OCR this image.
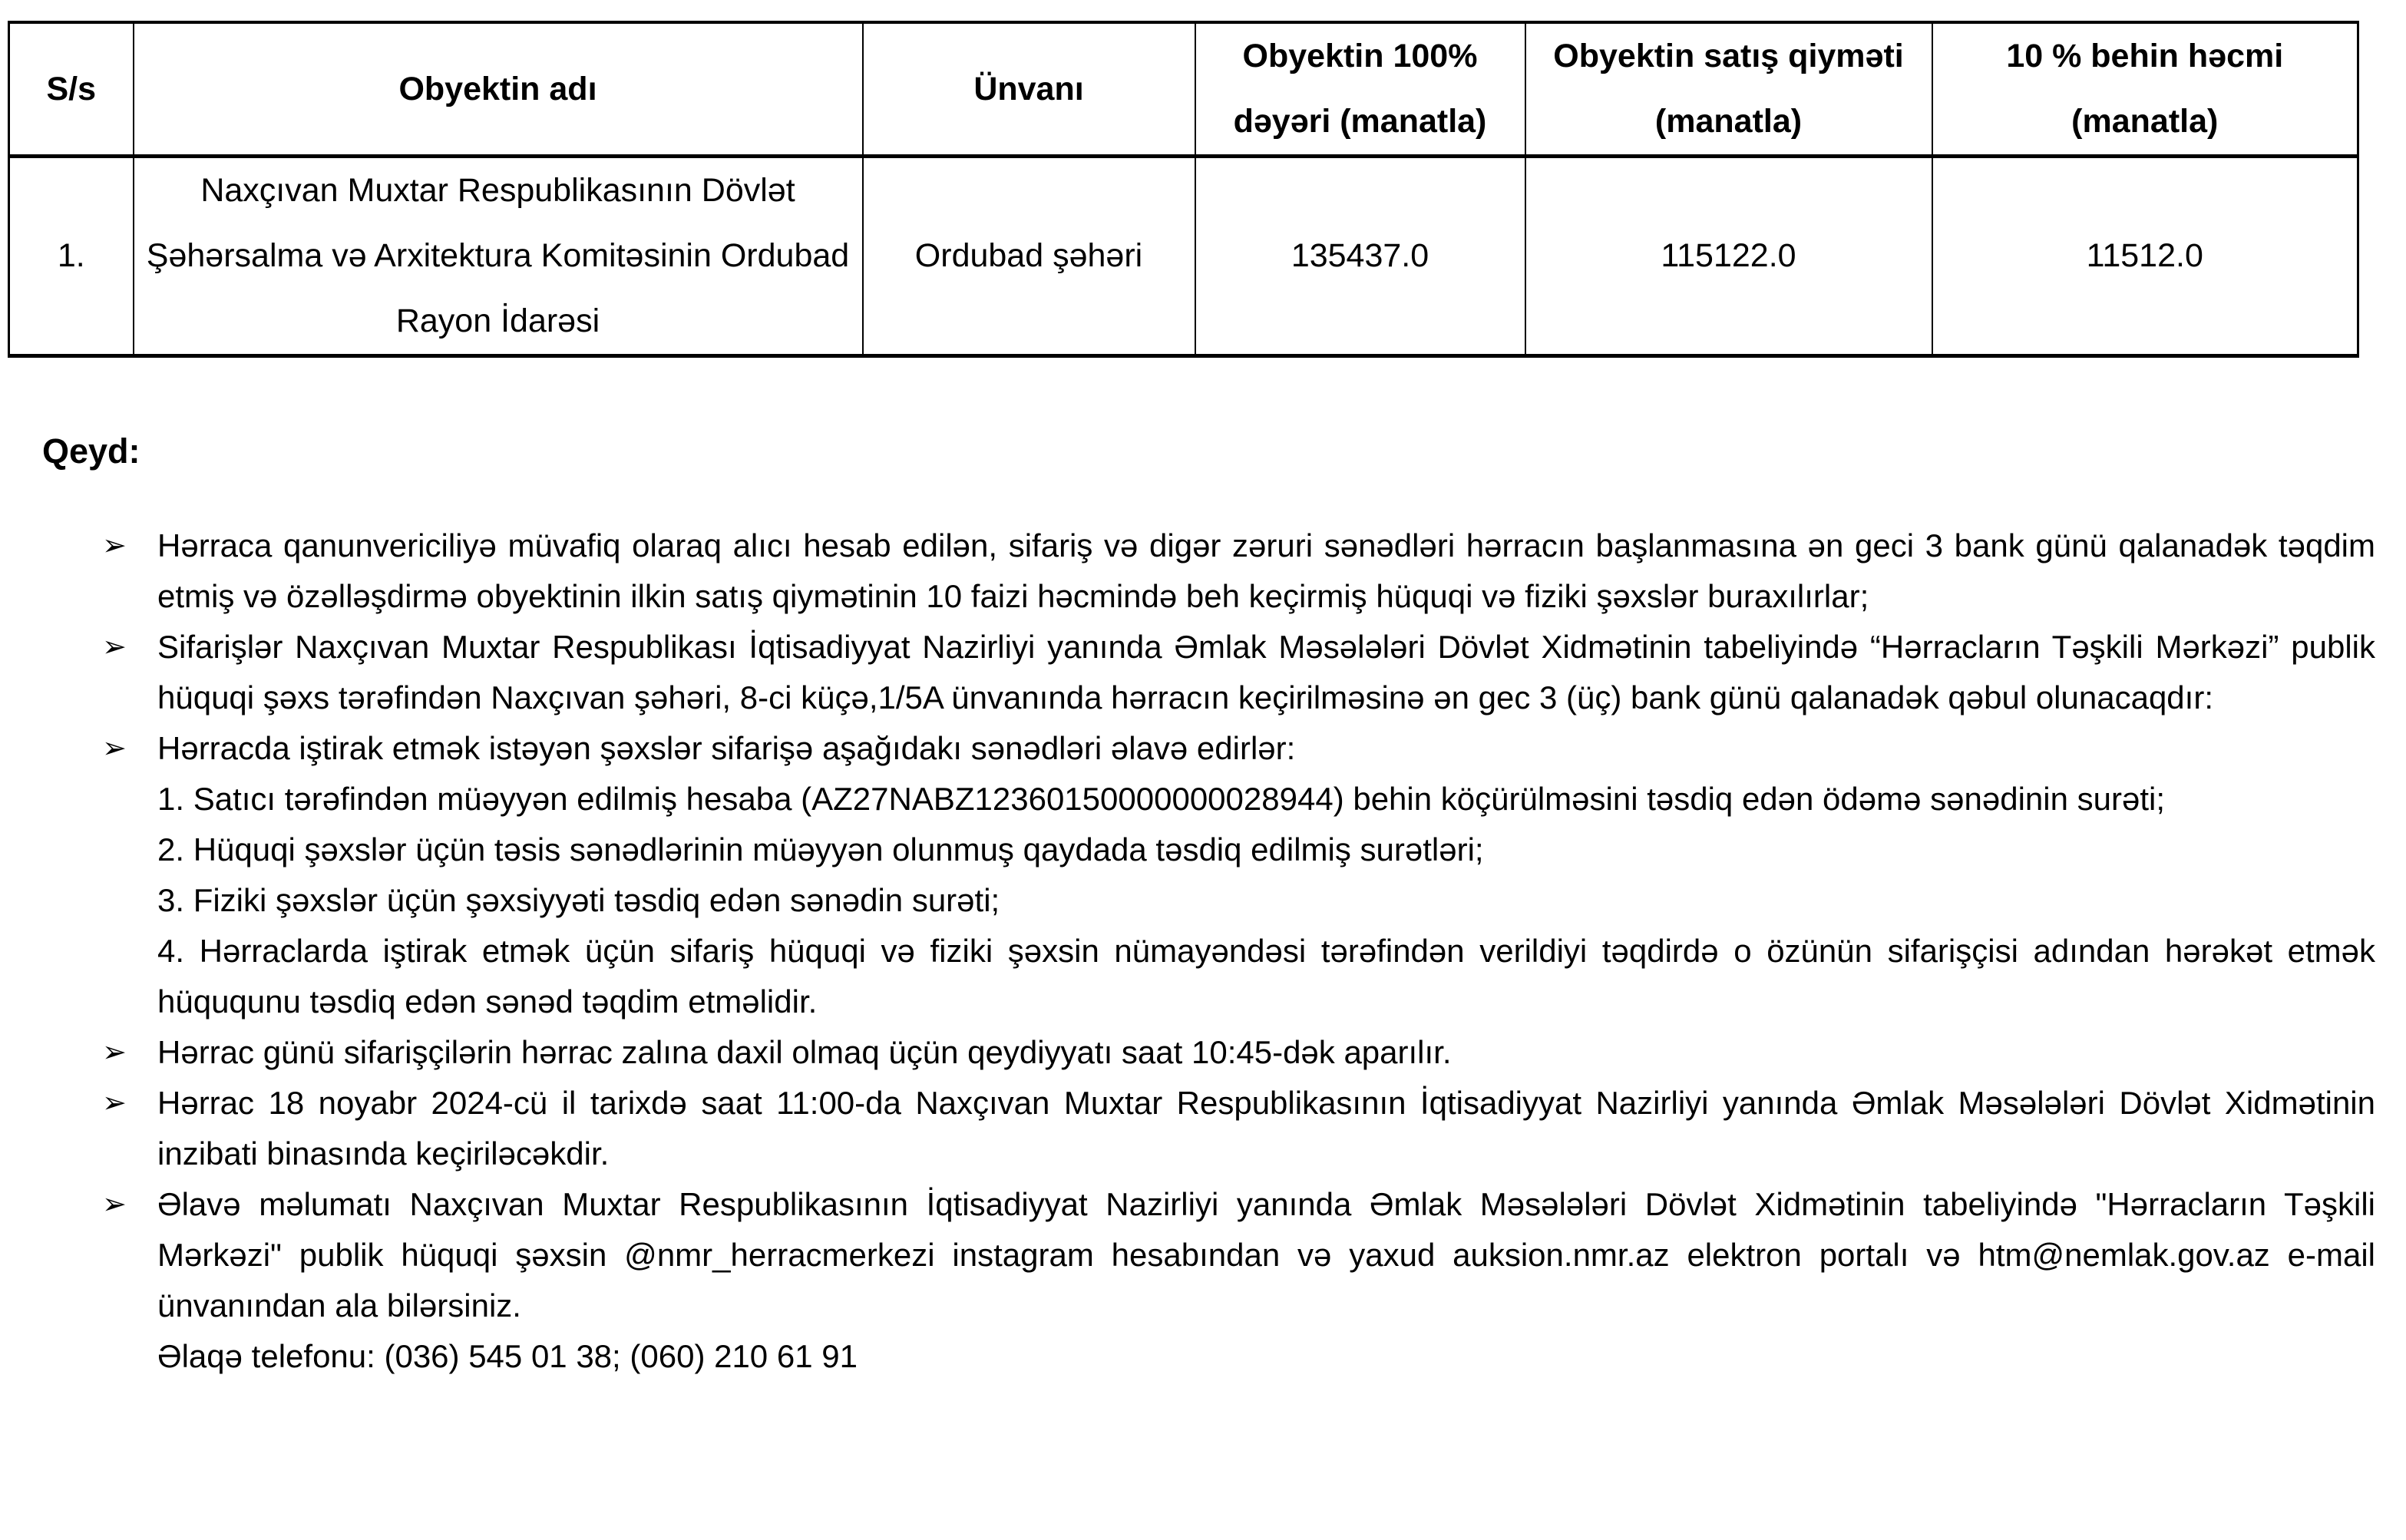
S/s	Obyektin adı	Ünvanı	Obyektin 100% dəyəri (manatla)	Obyektin satış qiyməti (manatla)	10 % behin həcmi (manatla)
1.	Naxçıvan Muxtar Respublikasının Dövlət Şəhərsalma və Arxitektura Komitəsinin Ordubad Rayon İdarəsi	Ordubad şəhəri	135437.0	115122.0	11512.0
Qeyd:
➢ Hərraca qanunvericiliyə müvafiq olaraq alıcı hesab edilən, sifariş və digər zəruri sənədləri hərracın başlanmasına ən geci 3 bank günü qalanadək təqdim etmiş və özəlləşdirmə obyektinin ilkin satış qiymətinin 10 faizi həcmində beh keçirmiş hüquqi və fiziki şəxslər buraxılırlar;
➢ Sifarişlər Naxçıvan Muxtar Respublikası İqtisadiyyat Nazirliyi yanında Əmlak Məsələləri Dövlət Xidmətinin tabeliyində “Hərracların Təşkili Mərkəzi” publik hüquqi şəxs tərəfindən Naxçıvan şəhəri, 8-ci küçə,1/5A ünvanında hərracın keçirilməsinə ən gec 3 (üç) bank günü qalanadək qəbul olunacaqdır:
➢ Hərracda iştirak etmək istəyən şəxslər sifarişə aşağıdakı sənədləri əlavə edirlər:
1. Satıcı tərəfindən müəyyən edilmiş hesaba (AZ27NABZ12360150000000028944) behin köçürülməsini təsdiq edən ödəmə sənədinin surəti;
2. Hüquqi şəxslər üçün təsis sənədlərinin müəyyən olunmuş qaydada təsdiq edilmiş surətləri;
3. Fiziki şəxslər üçün şəxsiyyəti təsdiq edən sənədin surəti;
4. Hərraclarda iştirak etmək üçün sifariş hüquqi və fiziki şəxsin nümayəndəsi tərəfindən verildiyi təqdirdə o özünün sifarişçisi adından hərəkət etmək hüququnu təsdiq edən sənəd təqdim etməlidir.
➢ Hərrac günü sifarişçilərin hərrac zalına daxil olmaq üçün qeydiyyatı saat 10:45-dək aparılır.
➢ Hərrac 18 noyabr 2024-cü il tarixdə saat 11:00-da Naxçıvan Muxtar Respublikasının İqtisadiyyat Nazirliyi yanında Əmlak Məsələləri Dövlət Xidmətinin inzibati binasında keçiriləcəkdir.
➢ Əlavə məlumatı Naxçıvan Muxtar Respublikasının İqtisadiyyat Nazirliyi yanında Əmlak Məsələləri Dövlət Xidmətinin tabeliyində "Hərracların Təşkili Mərkəzi" publik hüquqi şəxsin @nmr_herracmerkezi instagram hesabından və yaxud auksion.nmr.az elektron portalı və htm@nemlak.gov.az e-mail ünvanından ala bilərsiniz.
Əlaqə telefonu: (036) 545 01 38; (060) 210 61 91
